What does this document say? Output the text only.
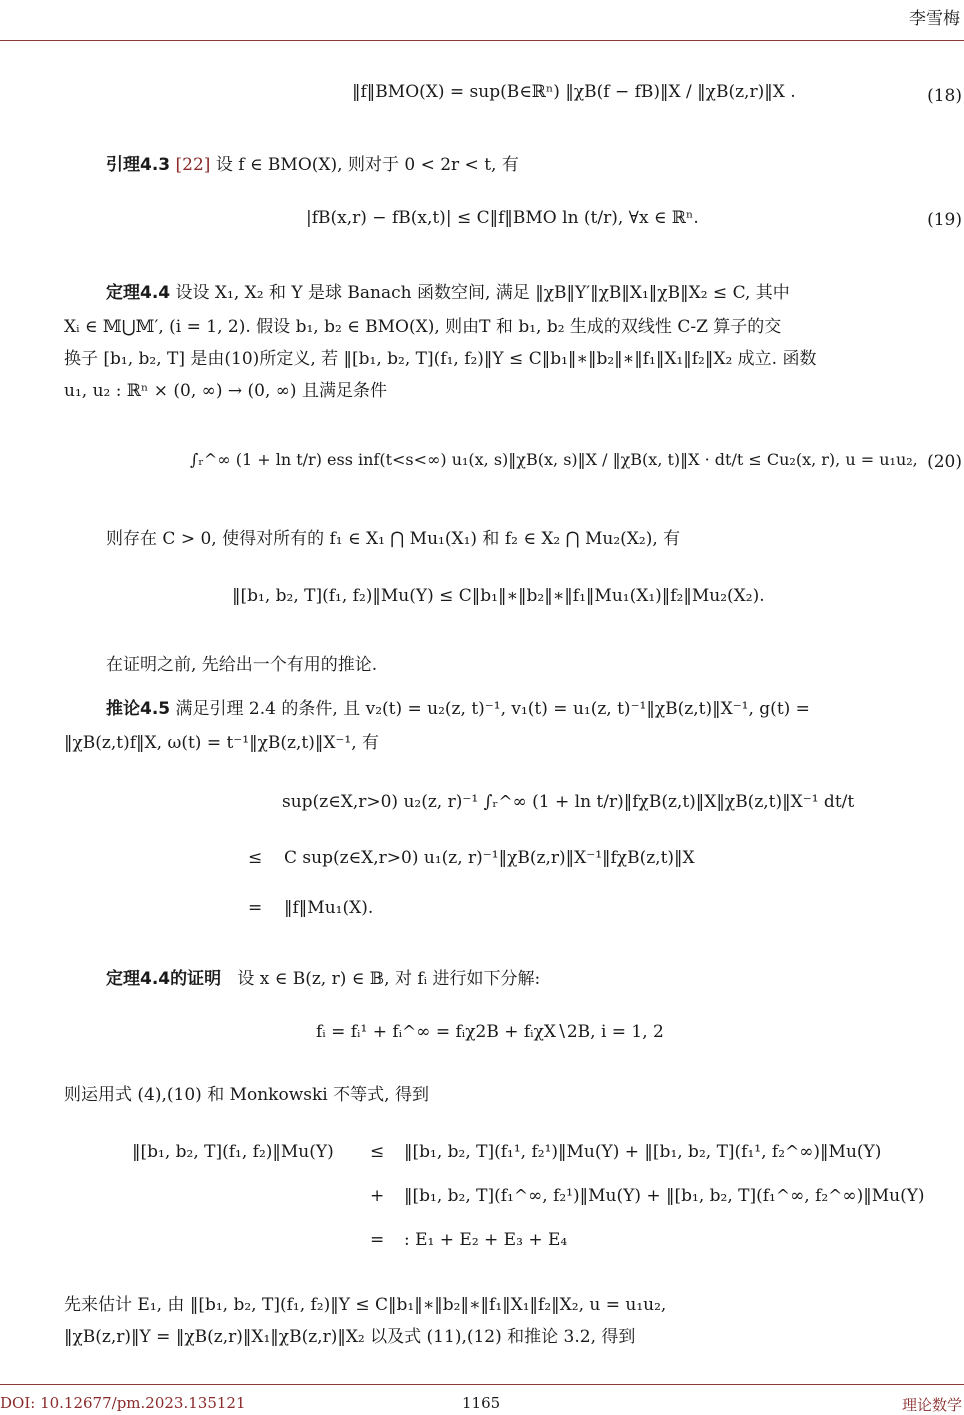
李雪梅
‖f‖BMO(X) = sup(B∈ℝⁿ) ‖χB(f − fB)‖X / ‖χB(z,r)‖X .	(18)
引理4.3 [22] 设 f ∈ BMO(X), 则对于 0 < 2r < t, 有
|fB(x,r) − fB(x,t)| ≤ C‖f‖BMO ln (t/r), ∀x ∈ ℝⁿ.	(19)
定理4.4 设设 X₁, X₂ 和 Y 是球 Banach 函数空间, 满足 ‖χB‖Y′‖χB‖X₁‖χB‖X₂ ≤ C, 其中
Xᵢ ∈ 𝕄⋃𝕄′, (i = 1, 2). 假设 b₁, b₂ ∈ BMO(X), 则由T 和 b₁, b₂ 生成的双线性 C-Z 算子的交
换子 [b₁, b₂, T] 是由(10)所定义, 若 ‖[b₁, b₂, T](f₁, f₂)‖Y ≤ C‖b₁‖∗‖b₂‖∗‖f₁‖X₁‖f₂‖X₂ 成立. 函数
u₁, u₂ : ℝⁿ × (0, ∞) → (0, ∞) 且满足条件
∫ᵣ^∞ (1 + ln t/r) ess inf(t<s<∞) u₁(x, s)‖χB(x, s)‖X / ‖χB(x, t)‖X · dt/t ≤ Cu₂(x, r), u = u₁u₂, (20)
则存在 C > 0, 使得对所有的 f₁ ∈ X₁ ⋂ Mu₁(X₁) 和 f₂ ∈ X₂ ⋂ Mu₂(X₂), 有
‖[b₁, b₂, T](f₁, f₂)‖Mu(Y) ≤ C‖b₁‖∗‖b₂‖∗‖f₁‖Mu₁(X₁)‖f₂‖Mu₂(X₂).
在证明之前, 先给出一个有用的推论.
推论4.5 满足引理 2.4 的条件, 且 v₂(t) = u₂(z, t)⁻¹, v₁(t) = u₁(z, t)⁻¹‖χB(z,t)‖X⁻¹, g(t) =
‖χB(z,t)f‖X, ω(t) = t⁻¹‖χB(z,t)‖X⁻¹, 有
sup(z∈X,r>0) u₂(z, r)⁻¹ ∫ᵣ^∞ (1 + ln t/r)‖fχB(z,t)‖X‖χB(z,t)‖X⁻¹ dt/t
≤ C sup(z∈X,r>0) u₁(z, r)⁻¹‖χB(z,r)‖X⁻¹‖fχB(z,t)‖X
= ‖f‖Mu₁(X).
定理4.4的证明 设 x ∈ B(z, r) ∈ 𝔹, 对 fᵢ 进行如下分解:
fᵢ = fᵢ¹ + fᵢ^∞ = fᵢχ2B + fᵢχX∖2B, i = 1, 2
则运用式 (4),(10) 和 Monkowski 不等式, 得到
‖[b₁, b₂, T](f₁, f₂)‖Mu(Y) ≤ ‖[b₁, b₂, T](f₁¹, f₂¹)‖Mu(Y) + ‖[b₁, b₂, T](f₁¹, f₂^∞)‖Mu(Y)
+ ‖[b₁, b₂, T](f₁^∞, f₂¹)‖Mu(Y) + ‖[b₁, b₂, T](f₁^∞, f₂^∞)‖Mu(Y)
= : E₁ + E₂ + E₃ + E₄
先来估计 E₁, 由 ‖[b₁, b₂, T](f₁, f₂)‖Y ≤ C‖b₁‖∗‖b₂‖∗‖f₁‖X₁‖f₂‖X₂, u = u₁u₂,
‖χB(z,r)‖Y = ‖χB(z,r)‖X₁‖χB(z,r)‖X₂ 以及式 (11),(12) 和推论 3.2, 得到
DOI: 10.12677/pm.2023.135121	1165	理论数学
